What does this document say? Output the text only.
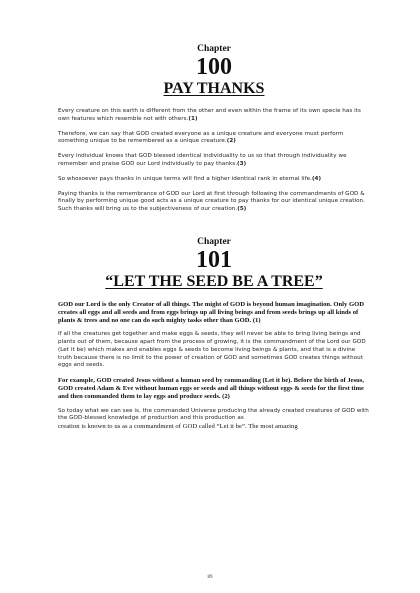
Chapter

100

PAY THANKS

Every creature on this earth is different from the other and even within the frame of its own specie has its own features which resemble not with others.(1)

Therefore, we can say that GOD created everyone as a unique creature and everyone must perform something unique to be remembered as a unique creature.(2)

Every individual knows that GOD blessed identical individuality to us so that through individuality we remember and praise GOD our Lord individually to pay thanks.(3)

So whosoever pays thanks in unique terms will find a higher identical rank in eternal life.(4)

Paying thanks is the remembrance of GOD our Lord at first through following the commandments of GOD & finally by performing unique good acts as a unique creature to pay thanks for our identical unique creation. Such thanks will bring us to the subjectiveness of our creation.(5)

Chapter

101

“LET THE SEED BE A TREE”

GOD our Lord is the only Creator of all things. The might of GOD is beyond human imagination. Only GOD creates all eggs and all seeds and from eggs brings up all living beings and from seeds brings up all kinds of plants & trees and no one can do such mighty tasks other than GOD. (1)

If all the creatures get together and make eggs & seeds, they will never be able to bring living beings and plants out of them, because apart from the process of growing, it is the commandment of the Lord our GOD (Let it be) which makes and enables eggs & seeds to become living beings & plants, and that is a divine truth because there is no limit to the power of creation of GOD and sometimes GOD creates things without eggs and seeds.

For example, GOD created Jesus without a human seed by commanding (Let it be). Before the birth of Jesus, GOD created Adam & Eve without human eggs or seeds and all things without eggs & seeds for the first time and then commanded them to lay eggs and produce seeds. (2)

So today what we can see is, the commanded Universe producing the already created creatures of GOD with the GOD-blessed knowledge of production and this production as
creation is known to us as a commandment of GOD called “Let it be”. The most amazing

89
